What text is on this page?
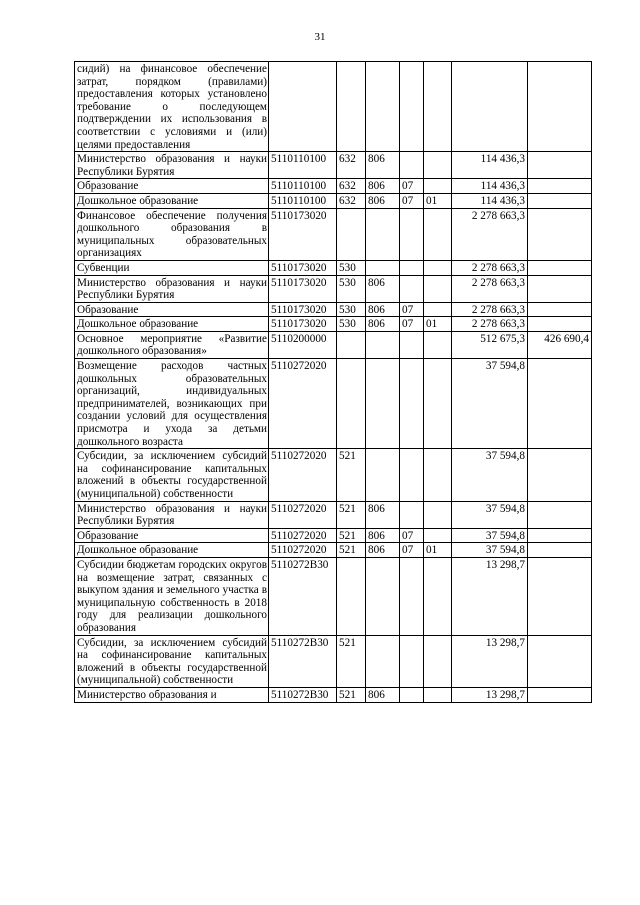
31
сидий) на финансовое обеспечение затрат, порядком (правилами) предоставления которых установлено требование о последующем подтверждении их использования в соответствии с условиями и (или) целями предоставления							
Министерство образования и науки Республики Бурятия	5110110100	632	806			114 436,3	
Образование	5110110100	632	806	07		114 436,3	
Дошкольное образование	5110110100	632	806	07	01	114 436,3	
Финансовое обеспечение получения дошкольного образования в муниципальных образовательных организациях	5110173020					2 278 663,3	
Субвенции	5110173020	530				2 278 663,3	
Министерство образования и науки Республики Бурятия	5110173020	530	806			2 278 663,3	
Образование	5110173020	530	806	07		2 278 663,3	
Дошкольное образование	5110173020	530	806	07	01	2 278 663,3	
Основное мероприятие «Развитие дошкольного образования»	5110200000					512 675,3	426 690,4
Возмещение расходов частных дошкольных образовательных организаций, индивидуальных предпринимателей, возникающих при создании условий для осуществления присмотра и ухода за детьми дошкольного возраста	5110272020					37 594,8	
Субсидии, за исключением субсидий на софинансирование капитальных вложений в объекты государственной (муниципальной) собственности	5110272020	521				37 594,8	
Министерство образования и науки Республики Бурятия	5110272020	521	806			37 594,8	
Образование	5110272020	521	806	07		37 594,8	
Дошкольное образование	5110272020	521	806	07	01	37 594,8	
Субсидии бюджетам городских округов на возмещение затрат, связанных с выкупом здания и земельного участка в муниципальную собственность в 2018 году для реализации дошкольного образования	5110272В30					13 298,7	
Субсидии, за исключением субсидий на софинансирование капитальных вложений в объекты государственной (муниципальной) собственности	5110272В30	521				13 298,7	
Министерство образования и	5110272В30	521	806			13 298,7	
